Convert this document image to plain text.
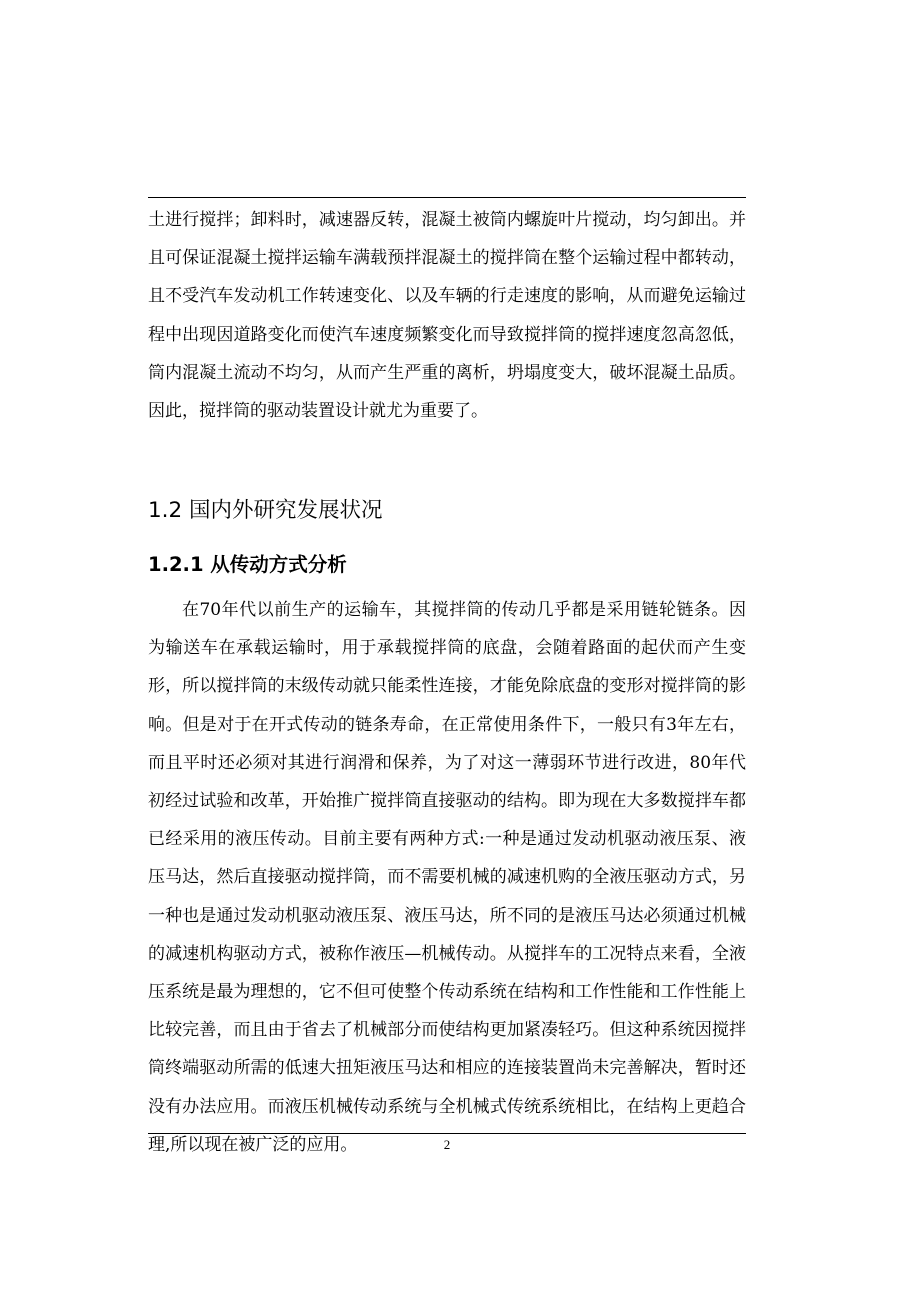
土进行搅拌；卸料时，减速器反转，混凝土被筒内螺旋叶片搅动，均匀卸出。并且可保证混凝土搅拌运输车满载预拌混凝土的搅拌筒在整个运输过程中都转动，且不受汽车发动机工作转速变化、以及车辆的行走速度的影响，从而避免运输过程中出现因道路变化而使汽车速度频繁变化而导致搅拌筒的搅拌速度忽高忽低，筒内混凝土流动不均匀，从而产生严重的离析，坍塌度变大，破坏混凝土品质。因此，搅拌筒的驱动装置设计就尤为重要了。

1.2 国内外研究发展状况
1.2.1 从传动方式分析

在70年代以前生产的运输车，其搅拌筒的传动几乎都是采用链轮链条。因为输送车在承载运输时，用于承载搅拌筒的底盘，会随着路面的起伏而产生变形，所以搅拌筒的末级传动就只能柔性连接，才能免除底盘的变形对搅拌筒的影响。但是对于在开式传动的链条寿命，在正常使用条件下，一般只有3年左右，而且平时还必须对其进行润滑和保养，为了对这一薄弱环节进行改进，80年代初经过试验和改革，开始推广搅拌筒直接驱动的结构。即为现在大多数搅拌车都已经采用的液压传动。目前主要有两种方式:一种是通过发动机驱动液压泵、液压马达，然后直接驱动搅拌筒，而不需要机械的减速机购的全液压驱动方式，另一种也是通过发动机驱动液压泵、液压马达，所不同的是液压马达必须通过机械的减速机构驱动方式，被称作液压—机械传动。从搅拌车的工况特点来看，全液压系统是最为理想的，它不但可使整个传动系统在结构和工作性能和工作性能上比较完善，而且由于省去了机械部分而使结构更加紧凑轻巧。但这种系统因搅拌筒终端驱动所需的低速大扭矩液压马达和相应的连接装置尚未完善解决，暂时还没有办法应用。而液压机械传动系统与全机械式传统系统相比，在结构上更趋合理,所以现在被广泛的应用。	2
